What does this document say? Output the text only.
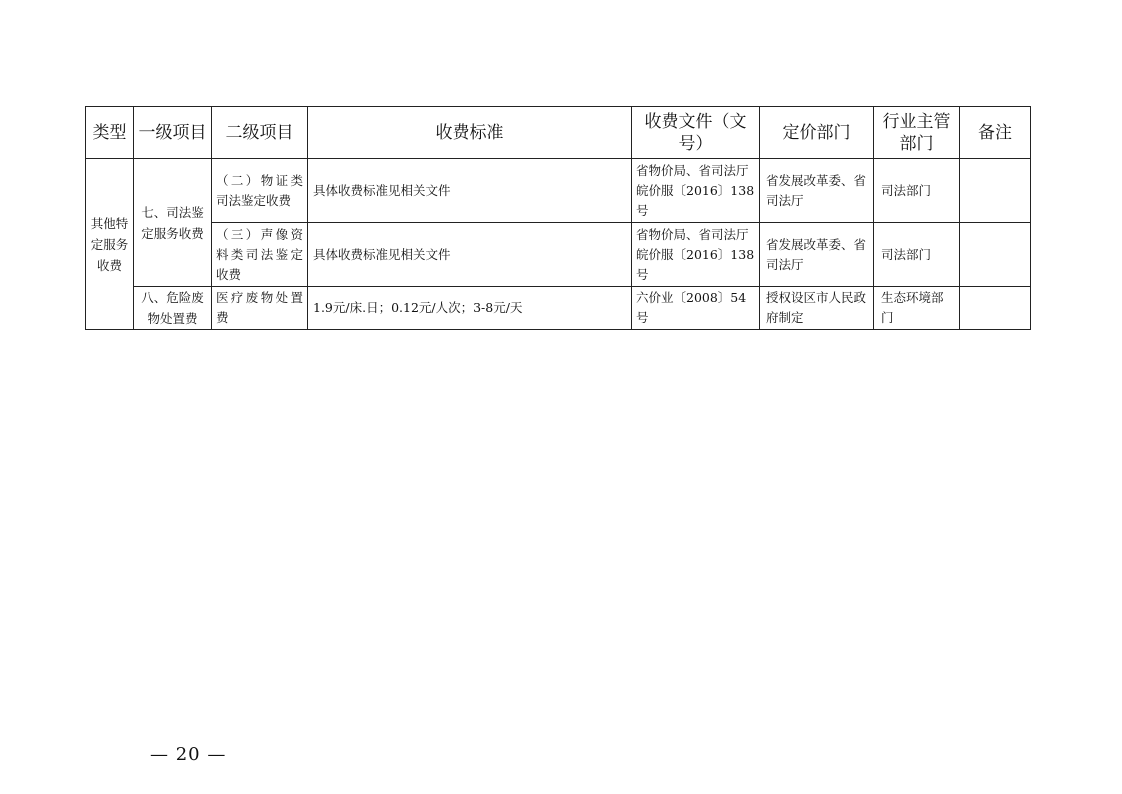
类型	一级项目	二级项目	收费标准	收费文件（文号）	定价部门	行业主管部门	备注
其他特定服务收费	七、司法鉴定服务收费	（二）物证类司法鉴定收费	具体收费标准见相关文件	省物价局、省司法厅皖价服〔2016〕138号	省发展改革委、省司法厅	司法部门	
		（三）声像资料类司法鉴定收费	具体收费标准见相关文件	省物价局、省司法厅皖价服〔2016〕138号	省发展改革委、省司法厅	司法部门	
	八、危险废物处置费	医疗废物处置费	1.9元/床.日；0.12元/人次；3-8元/天	六价业〔2008〕54号	授权设区市人民政府制定	生态环境部门	
— 20 —
